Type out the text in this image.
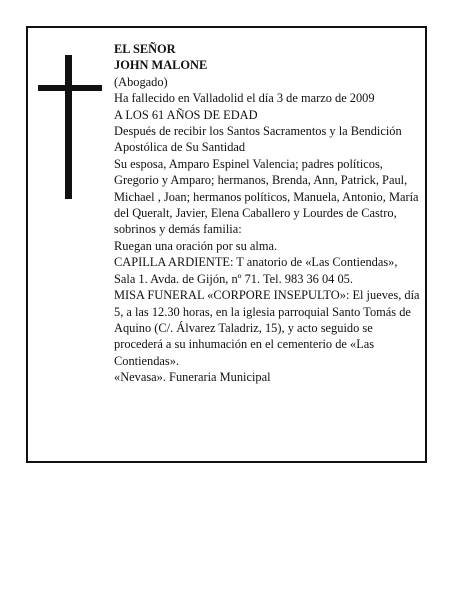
EL SEÑOR

JOHN MALONE

(Abogado)

Ha fallecido en Valladolid el día 3 de marzo de 2009

A LOS 61 AÑOS DE EDAD

Después de recibir los Santos Sacramentos y la Bendición Apostólica de Su Santidad

Su esposa, Amparo Espinel Valencia; padres políticos, Gregorio y Amparo; hermanos, Brenda, Ann, Patrick, Paul, Michael , Joan; hermanos políticos, Manuela, Antonio, María del Queralt, Javier, Elena Caballero y Lourdes de Castro, sobrinos y demás familia:

Ruegan una oración por su alma.

CAPILLA ARDIENTE: T anatorio de «Las Contiendas», Sala 1. Avda. de Gijón, nº 71. Tel. 983 36 04 05.

MISA FUNERAL «CORPORE INSEPULTO»: El jueves, día 5, a las 12.30 horas, en la iglesia parroquial Santo Tomás de Aquino (C/. Álvarez Taladriz, 15), y acto seguido se procederá a su inhumación en el cementerio de «Las Contiendas».

«Nevasa». Funeraria Municipal
